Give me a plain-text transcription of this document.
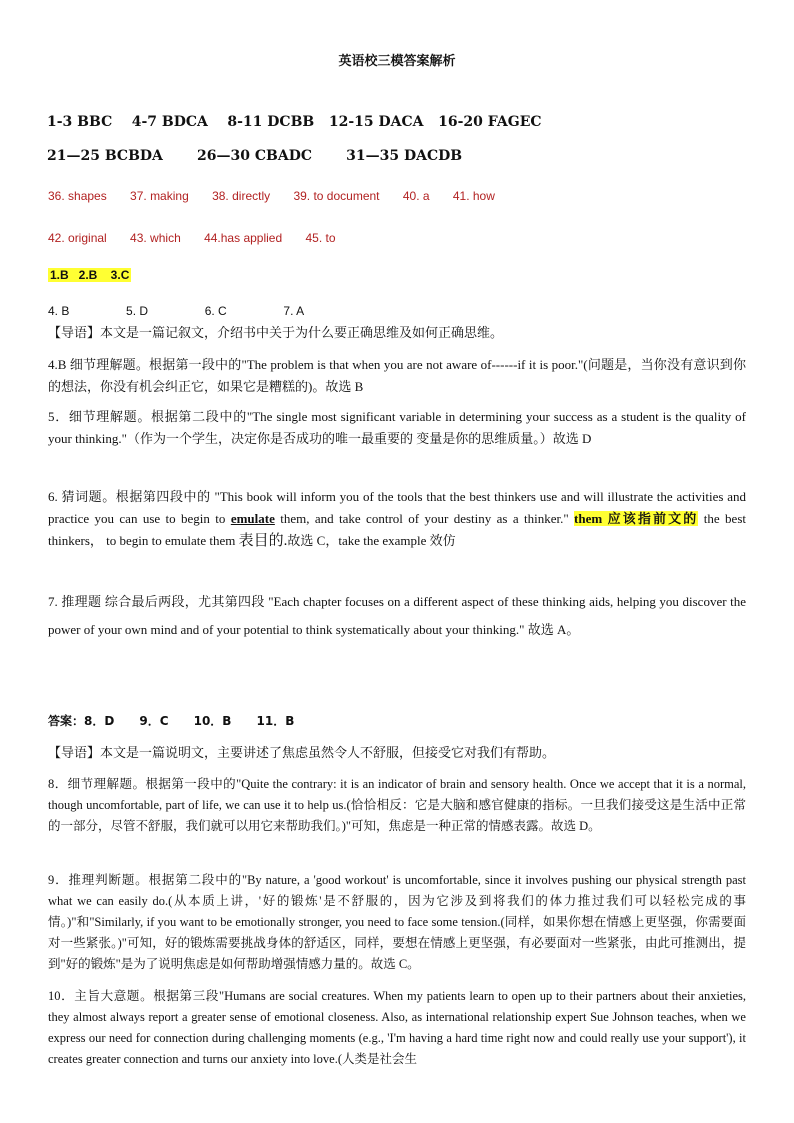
英语校三模答案解析
1-3 BBC    4-7 BDCA    8-11 DCBB   12-15 DACA   16-20 FAGEC
21—25 BCBDA       26—30 CBADC       31—35 DACDB
36. shapes       37. making       38. directly       39. to document       40. a       41. how
42. original       43. which       44.has applied       45. to
1.B   2.B    3.C
4. B                 5. D                 6. C                 7. A
【导语】本文是一篇记叙文，介绍书中关于为什么要正确思维及如何正确思维。
4.B 细节理解题。根据第一段中的"The problem is that when you are not aware of------if it is poor."(问题是，当你没有意识到你的想法，你没有机会纠正它，如果它是糟糕的)。故选 B
5．细节理解题。根据第二段中的"The single most significant variable in determining your success as a student is the quality of your thinking."（作为一个学生，决定你是否成功的唯一最重要的 变量是你的思维质量。）故选 D
6. 猜词题。根据第四段中的 "This book will inform you of the tools that the best thinkers use and will illustrate the activities and practice you can use to begin to emulate them, and take control of your destiny as a thinker." them 应该指前文的 the best thinkers， to begin to emulate them 表目的.故选 C，take the example 效仿
7. 推理题 综合最后两段，尤其第四段 "Each chapter focuses on a different aspect of these thinking aids, helping you discover the power of your own mind and of your potential to think systematically about your thinking." 故选 A。
答案：8．D      9．C      10．B      11．B
【导语】本文是一篇说明文，主要讲述了焦虑虽然令人不舒服，但接受它对我们有帮助。
8．细节理解题。根据第一段中的"Quite the contrary: it is an indicator of brain and sensory health. Once we accept that it is a normal, though uncomfortable, part of life, we can use it to help us.(恰恰相反：它是大脑和感官健康的指标。一旦我们接受这是生活中正常的一部分，尽管不舒服，我们就可以用它来帮助我们。)"可知，焦虑是一种正常的情感表露。故选 D。
9．推理判断题。根据第二段中的"By nature, a 'good workout' is uncomfortable, since it involves pushing our physical strength past what we can easily do.(从本质上讲，'好的锻炼'是不舒服的，因为它涉及到将我们的体力推过我们可以轻松完成的事情。)"和"Similarly, if you want to be emotionally stronger, you need to face some tension.(同样，如果你想在情感上更坚强，你需要面对一些紧张。)"可知，好的锻炼需要挑战身体的舒适区，同样，要想在情感上更坚强，有必要面对一些紧张，由此可推测出，提到"好的锻炼"是为了说明焦虑是如何帮助增强情感力量的。故选 C。
10．主旨大意题。根据第三段"Humans are social creatures. When my patients learn to open up to their partners about their anxieties, they almost always report a greater sense of emotional closeness. Also, as international relationship expert Sue Johnson teaches, when we express our need for connection during challenging moments (e.g., 'I'm having a hard time right now and could really use your support'), it creates greater connection and turns our anxiety into love.(人类是社会生
